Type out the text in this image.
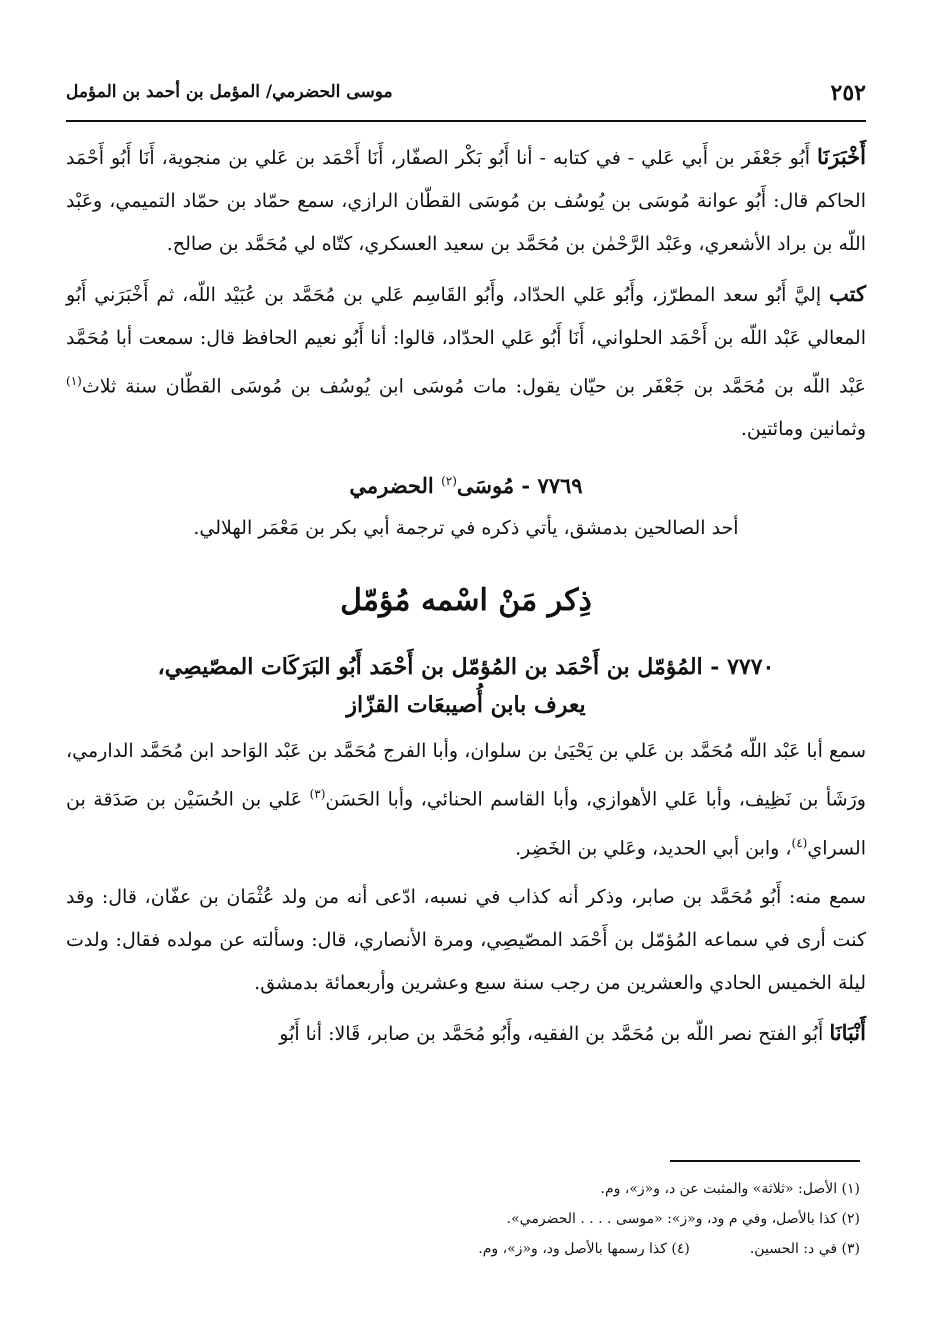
٢٥٢
موسى الحضرمي/ المؤمل بن أحمد بن المؤمل

أَخْبَرَنَا أَبُو جَعْفَر بن أَبي عَلي - في كتابه - أنا أَبُو بَكْر الصفّار، أَنَا أَحْمَد بن عَلي بن منجوية، أَنَا أَبُو أَحْمَد الحاكم قال: أَبُو عوانة مُوسَى بن يُوسُف بن مُوسَى القطّان الرازي، سمع حمّاد بن حمّاد التميمي، وعَبْد اللّه بن براد الأشعري، وعَبْد الرَّحْمٰن بن مُحَمَّد بن سعيد العسكري، كتّاه لي مُحَمَّد بن صالح.

كتب إليَّ أَبُو سعد المطرّز، وأَبُو عَلي الحدّاد، وأَبُو القَاسِم عَلي بن مُحَمَّد بن عُبَيْد اللّه، ثم أَخْبَرَني أَبُو المعالي عَبْد اللّه بن أَحْمَد الحلواني، أَنَا أَبُو عَلي الحدّاد، قالوا: أنا أَبُو نعيم الحافظ قال: سمعت أبا مُحَمَّد عَبْد اللّه بن مُحَمَّد بن جَعْفَر بن حيّان يقول: مات مُوسَى ابن يُوسُف بن مُوسَى القطّان سنة ثلاث$^{(١)}$ وثمانين ومائتين.

٧٧٦٩ - مُوسَى$^{(٢)}$ الحضرمي

أحد الصالحين بدمشق، يأتي ذكره في ترجمة أبي بكر بن مَعْمَر الهلالي.

ذِكر مَنْ اسْمه مُؤمّل
٧٧٧٠ - المُؤمّل بن أَحْمَد بن المُؤمّل بن أَحْمَد أَبُو البَرَكَات المصّيصِي،
يعرف بابن أُصيبعَات القزّاز

سمع أبا عَبْد اللّه مُحَمَّد بن عَلي بن يَحْيَىٰ بن سلوان، وأبا الفرج مُحَمَّد بن عَبْد الوَاحد ابن مُحَمَّد الدارمي، ورَشَأ بن نَظِيف، وأبا عَلي الأهوازي، وأبا القاسم الحنائي، وأبا الحَسَن$^{(٣)}$ عَلي بن الحُسَيْن بن صَدَقة بن السراي$^{(٤)}$، وابن أبي الحديد، وعَلي بن الخَضِر.

سمع منه: أَبُو مُحَمَّد بن صابر، وذكر أنه كذاب في نسبه، ادّعى أنه من ولد عُثْمَان بن عفّان، قال: وقد كنت أرى في سماعه المُؤمّل بن أَحْمَد المصّيصِي، ومرة الأنصاري، قال: وسألته عن مولده فقال: ولدت ليلة الخميس الحادي والعشرين من رجب سنة سبع وعشرين وأربعمائة بدمشق.

أَنْبَانَا أَبُو الفتح نصر اللّه بن مُحَمَّد بن الفقيه، وأَبُو مُحَمَّد بن صابر، قَالا: أنا أَبُو

(١) الأصل: «ثلاثة» والمثبت عن د، و«ز»، وم.
(٢) كذا بالأصل، وفي م ود، و«ز»: «موسى . . . . الحضرمي».
(٣) في د: الحسين.(٤) كذا رسمها بالأصل ود، و«ز»، وم.
